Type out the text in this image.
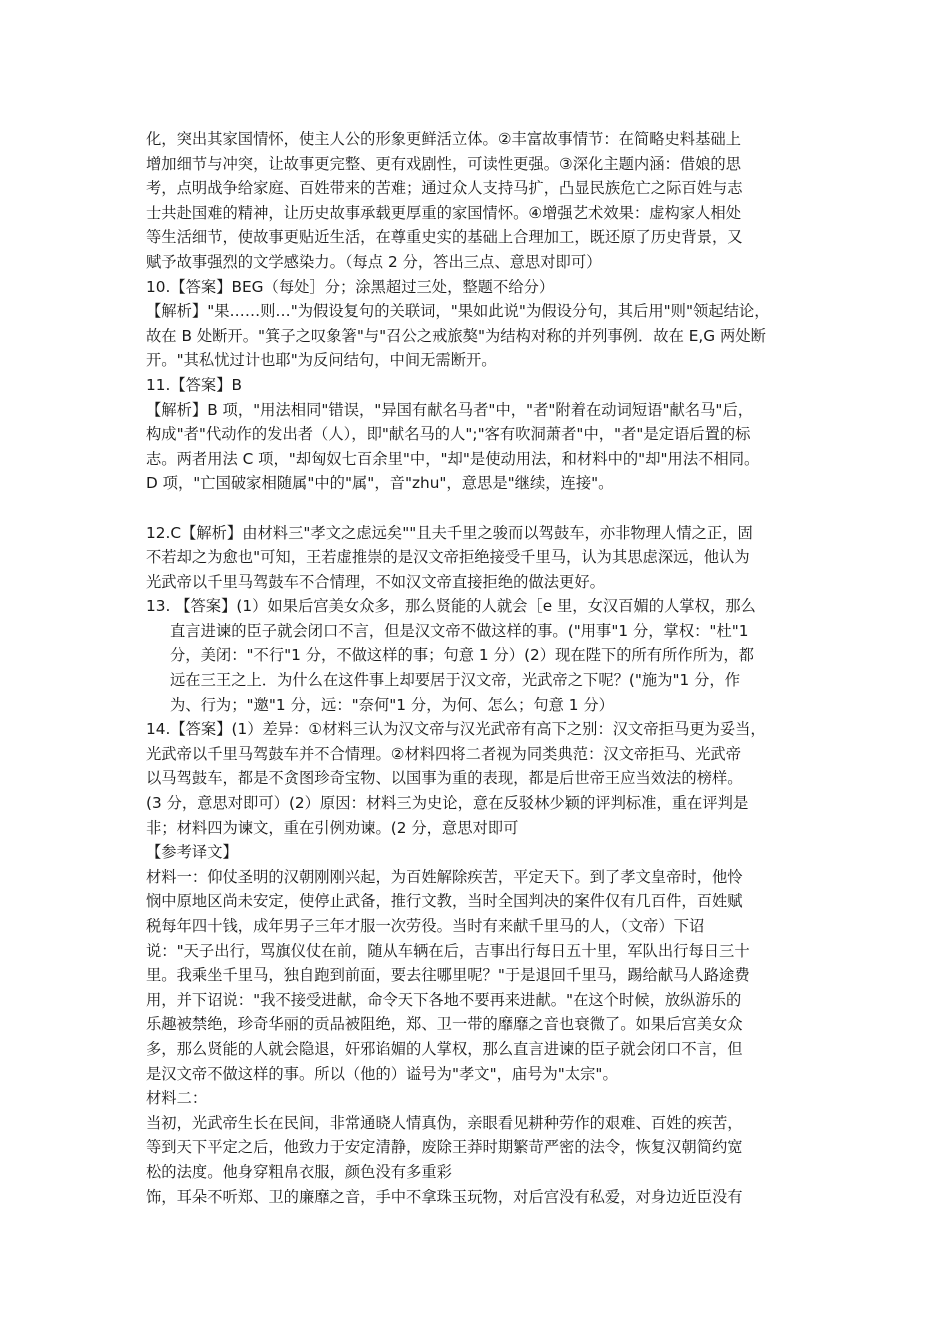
化，突出其家国情怀，使主人公的形象更鲜活立体。②丰富故事情节：在简略史料基础上

增加细节与冲突，让故事更完整、更有戏剧性，可读性更强。③深化主题内涵：借娘的思

考，点明战争给家庭、百姓带来的苦难；通过众人支持马扩，凸显民族危亡之际百姓与志

士共赴国难的精神，让历史故事承载更厚重的家国情怀。④增强艺术效果：虚构家人相处

等生活细节，使故事更贴近生活，在尊重史实的基础上合理加工，既还原了历史背景，又

赋予故事强烈的文学感染力。（每点 2 分，答出三点、意思对即可）

10.【答案】BEG（每处］分；涂黑超过三处，整题不给分）

【解析】"果……则…"为假设复句的关联词，"果如此说"为假设分句，其后用"则"领起结论，

故在 B 处断开。"箕子之叹象箸"与"召公之戒旅獒"为结构对称的并列事例．故在 E,G 两处断

开。"其私忧过计也耶"为反问结句，中间无需断开。

11.【答案】B

【解析】B 项，"用法相同"错误，"异国有献名马者"中，"者"附着在动词短语"献名马"后，

构成"者"代动作的发出者（人），即"献名马的人";"客有吹洞萧者"中，"者"是定语后置的标

志。两者用法 C 项，"却匈奴七百余里"中，"却"是使动用法，和材料中的"却"用法不相同。

D 项，"亡国破家相随属"中的"属"，音"zhu"，意思是"继续，连接"。

12.C【解析】由材料三"孝文之虑远矣""且夫千里之骏而以驾鼓车，亦非物理人情之正，固

不若却之为愈也"可知，王若虚推崇的是汉文帝拒绝接受千里马，认为其思虑深远，他认为

光武帝以千里马驾鼓车不合情理，不如汉文帝直接拒绝的做法更好。

13. 【答案】(1）如果后宫美女众多，那么贤能的人就会［e 里，女汉百媚的人掌权，那么

直言进谏的臣子就会闭口不言，但是汉文帝不做这样的事。("用事"1 分，掌权："杜"1

分，美闭："不行"1 分，不做这样的事；句意 1 分）(2）现在陛下的所有所作所为，都

远在三王之上．为什么在这件事上却要居于汉文帝，光武帝之下呢？("施为"1 分，作

为、行为；"邀"1 分，远："奈何"1 分，为何、怎么；句意 1 分）

14.【答案】(1）差异：①材料三认为汉文帝与汉光武帝有高下之别：汉文帝拒马更为妥当，

光武帝以千里马驾鼓车并不合情理。②材料四将二者视为同类典范：汉文帝拒马、光武帝

以马驾鼓车，都是不贪图珍奇宝物、以国事为重的表现，都是后世帝王应当效法的榜样。

(3 分，意思对即可）(2）原因：材料三为史论，意在反驳林少颖的评判标准，重在评判是

非；材料四为谏文，重在引例劝谏。(2 分，意思对即可

【参考译文】

材料一：仰仗圣明的汉朝刚刚兴起，为百姓解除疾苦，平定天下。到了孝文皇帝时，他怜

悯中原地区尚未安定，使停止武备，推行文教，当时全国判决的案件仅有几百件，百姓赋

税每年四十钱，成年男子三年才服一次劳役。当时有来献千里马的人，（文帝）下诏

说："天子出行，骂旗仪仗在前，随从车辆在后，吉事出行每日五十里，军队出行每日三十

里。我乘坐千里马，独自跑到前面，要去往哪里呢？"于是退回千里马，踢给献马人路途费

用，并下诏说："我不接受进献，命令天下各地不要再来进献。"在这个时候，放纵游乐的

乐趣被禁绝，珍奇华丽的贡品被阻绝，郑、卫一带的靡靡之音也衰微了。如果后宫美女众

多，那么贤能的人就会隐退，奸邪谄媚的人掌权，那么直言进谏的臣子就会闭口不言，但

是汉文帝不做这样的事。所以（他的）谥号为"孝文"，庙号为"太宗"。

材料二：

当初，光武帝生长在民间，非常通晓人情真伪，亲眼看见耕种劳作的艰难、百姓的疾苦，

等到天下平定之后，他致力于安定清静，废除王莽时期繁苛严密的法令，恢复汉朝简约宽

松的法度。他身穿粗帛衣服，颜色没有多重彩

饰，耳朵不听郑、卫的廉靡之音，手中不拿珠玉玩物，对后宫没有私爱，对身边近臣没有
